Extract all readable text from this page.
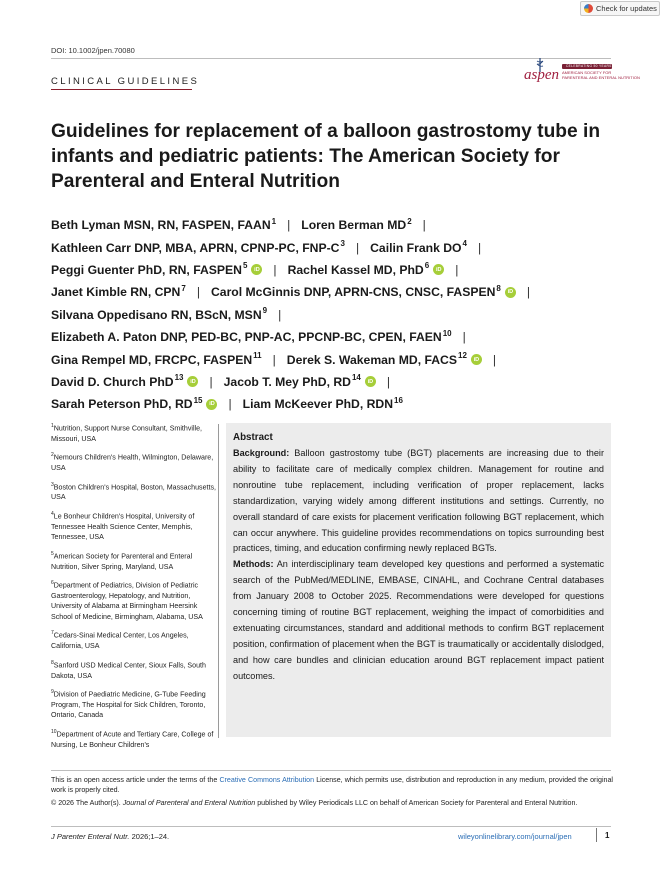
Check for updates
DOI: 10.1002/jpen.70080
CLINICAL GUIDELINES	aspen
CELEBRATING 50 YEARS
AMERICAN SOCIETY FOR
PARENTERAL AND ENTERAL NUTRITION
Guidelines for replacement of a balloon gastrostomy tube in infants and pediatric patients: The American Society for Parenteral and Enteral Nutrition
Beth Lyman MSN, RN, FASPEN, FAAN$^1$ | Loren Berman $MD^2$ |
Kathleen Carr DNP, MBA, APRN, CPNP-PC, FNP-$C^3$ | Cailin Frank $DO^4$ |
Peggi Guenter PhD, RN, FASPEN$^5$	iD | Rachel Kassel MD, PhD$^6$	iD |
Janet Kimble RN, CPN$^7$ | Carol McGinnis DNP, APRN-CNS, CNSC, FASPEN$^8$	iD |
Silvana Oppedisano RN, BScN, MSN$^9$ |
Elizabeth A. Paton DNP, PED-BC, PNP-AC, PPCNP-BC, CPEN, FAEN$^{10}$ |
Gina Rempel MD, FRCPC, FASPEN$^{11}$ | Derek S. Wakeman MD, FACS$^{12}$	iD |
David D. Church PhD$^{13}$	iD | Jacob T. Mey PhD, RD$^{14}$	iD |
Sarah Peterson PhD, RD$^{15}$	iD | Liam McKeever PhD, RDN$^{16}$
$^1$Nutrition, Support Nurse Consultant, Smithville, Missouri, USA
$^2$Nemours Children's Health, Wilmington, Delaware, USA
$^3$Boston Children's Hospital, Boston, Massachusetts, USA
$^4$Le Bonheur Children's Hospital, University of Tennessee Health Science Center, Memphis, Tennessee, USA
$^5$American Society for Parenteral and Enteral Nutrition, Silver Spring, Maryland, USA
$^6$Department of Pediatrics, Division of Pediatric Gastroenterology, Hepatology, and Nutrition, University of Alabama at Birmingham Heersink School of Medicine, Birmingham, Alabama, USA
$^7$Cedars-Sinai Medical Center, Los Angeles, California, USA
$^8$Sanford USD Medical Center, Sioux Falls, South Dakota, USA
$^9$Division of Paediatric Medicine, G-Tube Feeding Program, The Hospital for Sick Children, Toronto, Ontario, Canada
$^{10}$Department of Acute and Tertiary Care, College of Nursing, Le Bonheur Children's
Abstract

Background: Balloon gastrostomy tube (BGT) placements are increasing due to their ability to facilitate care of medically complex children. Management for routine and nonroutine tube replacement, including verification of proper replacement, lacks standardization, varying widely among different institutions and settings. Currently, no overall standard of care exists for placement verification following BGT replacement, which can occur anywhere. This guideline provides recommendations on topics surrounding best practices, timing, and education confirming newly replaced BGTs.

Methods: An interdisciplinary team developed key questions and performed a systematic search of the PubMed/MEDLINE, EMBASE, CINAHL, and Cochrane Central databases from January 2008 to October 2025. Recommendations were developed for questions concerning timing of routine BGT replacement, weighing the impact of comorbidities and extenuating circumstances, standard and additional methods to confirm BGT replacement position, confirmation of placement when the BGT is traumatically or accidentally dislodged, and how care bundles and clinician education around BGT replacement impact patient outcomes.

This is an open access article under the terms of the Creative Commons Attribution License, which permits use, distribution and reproduction in any medium, provided the original work is properly cited.
© 2026 The Author(s). Journal of Parenteral and Enteral Nutrition published by Wiley Periodicals LLC on behalf of American Society for Parenteral and Enteral Nutrition.
J Parenter Enteral Nutr. 2026;1–24.	wileyonlinelibrary.com/journal/jpen	1
